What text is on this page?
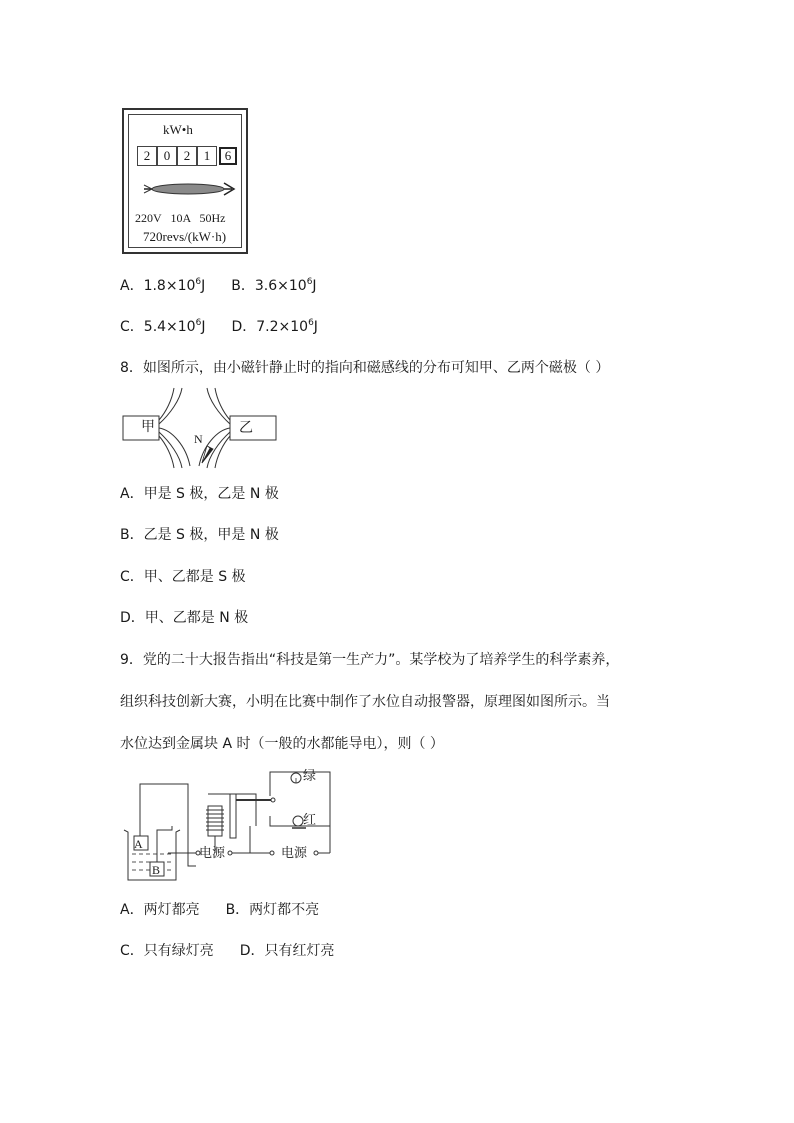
kW•h
2	0	2	1	6
220V 10A 50Hz
720revs/(kW·h)
A．$1.8\times 10^6J$ B．$3.6\times 10^6J$
C．$5.4\times 10^6J$ D．$7.2\times 10^6J$
8．如图所示，由小磁针静止时的指向和磁感线的分布可知甲、乙两个磁极（ ）
甲	乙
N
A．甲是 S 极，乙是 N 极
B．乙是 S 极，甲是 N 极
C．甲、乙都是 S 极
D．甲、乙都是 N 极
9．党的二十大报告指出“科技是第一生产力”。某学校为了培养学生的科学素养，
组织科技创新大赛，小明在比赛中制作了水位自动报警器，原理图如图所示。当
水位达到金属块 A 时（一般的水都能导电），则（ ）
A
B
电源	电源
绿
红
A．两灯都亮 B．两灯都不亮
C．只有绿灯亮 D．只有红灯亮
